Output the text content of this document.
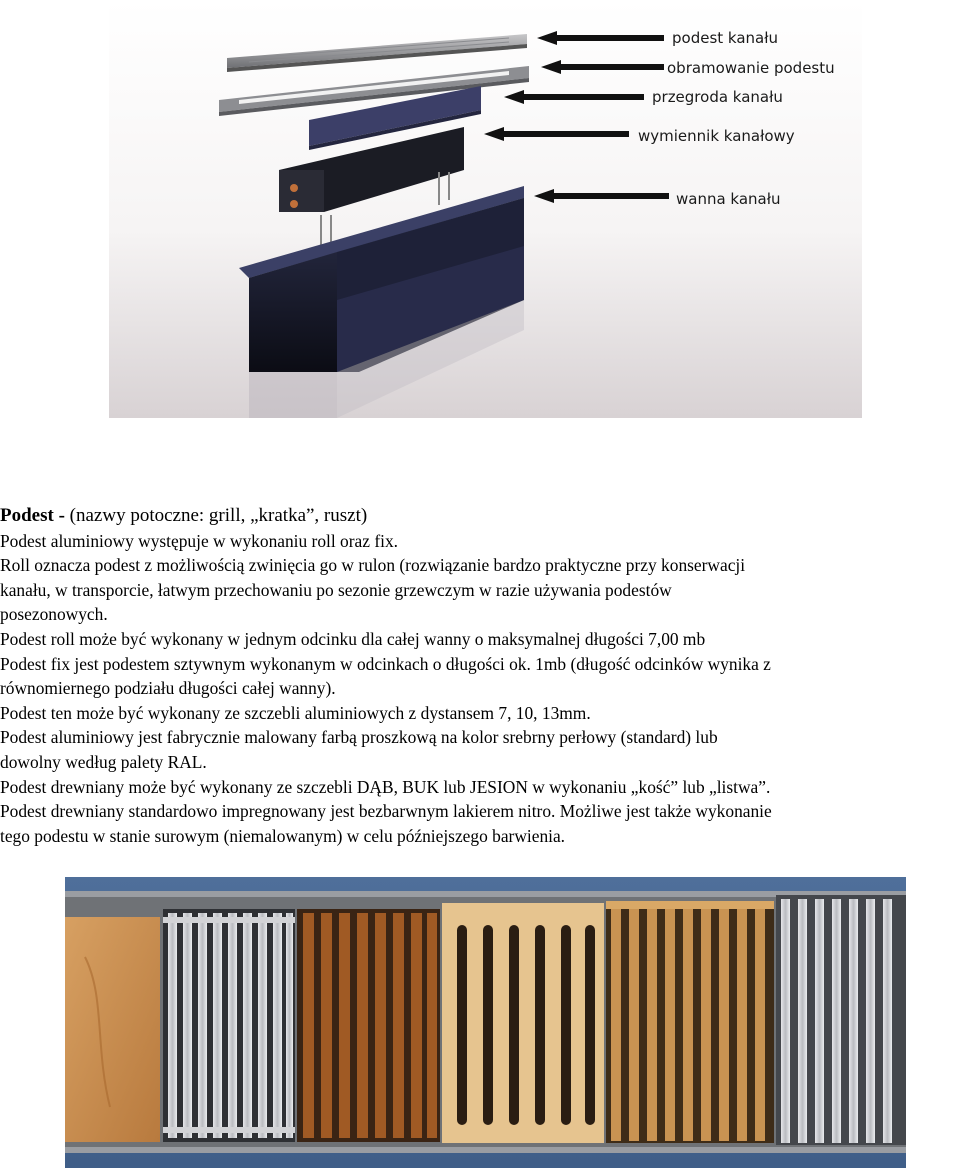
podest kanału
obramowanie podestu
przegroda kanału
wymiennik kanałowy
wanna kanału

Podest - (nazwy potoczne: grill, „kratka”, ruszt)

Podest aluminiowy występuje w wykonaniu roll oraz fix.

Roll oznacza podest z możliwością zwinięcia go w rulon (rozwiązanie bardzo praktyczne przy konserwacji

kanału, w transporcie, łatwym przechowaniu po sezonie grzewczym w razie używania podestów

posezonowych.

Podest roll może być wykonany w jednym odcinku dla całej wanny o maksymalnej długości 7,00 mb

Podest fix jest podestem sztywnym wykonanym w odcinkach o długości ok. 1mb (długość odcinków wynika z

równomiernego podziału długości całej wanny).

Podest ten może być wykonany ze szczebli aluminiowych z dystansem 7, 10, 13mm.

Podest aluminiowy jest fabrycznie malowany farbą proszkową na kolor srebrny perłowy (standard) lub

dowolny według palety RAL.

Podest drewniany może być wykonany ze szczebli DĄB, BUK lub JESION w wykonaniu „kość” lub „listwa”.

Podest drewniany standardowo impregnowany jest bezbarwnym lakierem nitro. Możliwe jest także wykonanie

tego podestu w stanie surowym (niemalowanym) w celu późniejszego barwienia.
